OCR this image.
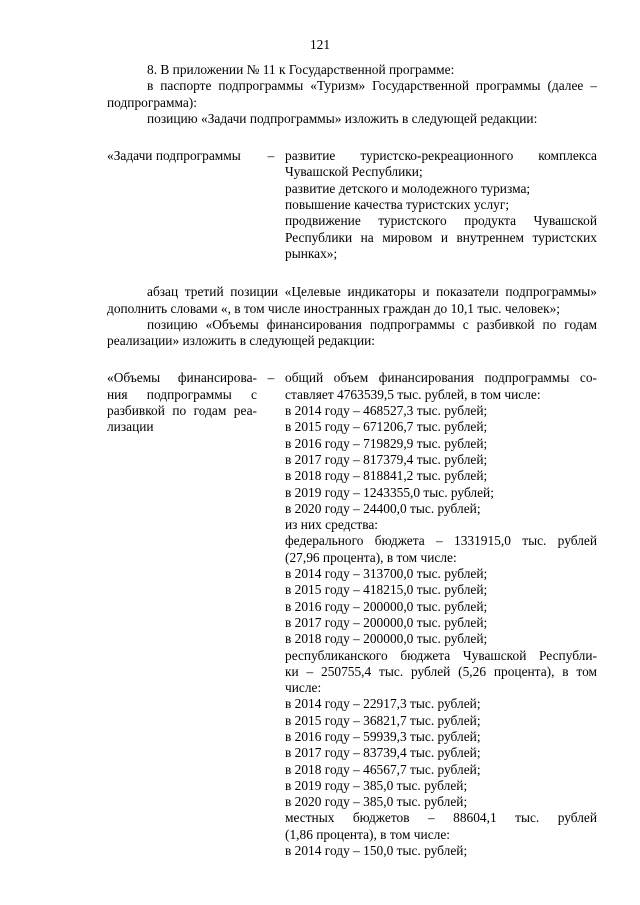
121

8. В приложении № 11 к Государственной программе:

в паспорте подпрограммы «Туризм» Государственной программы (далее –

подпрограмма):

позицию «Задачи подпрограммы» изложить в следующей редакции:

«Задачи подпрограммы	– развитие туристско-рекреационного комплекса
Чувашской Республики;
развитие детского и молодежного туризма;
повышение качества туристских услуг;
продвижение туристского продукта Чувашской
Республики на мировом и внутреннем туристских
рынках»;

абзац третий позиции «Целевые индикаторы и показатели подпрограммы»

дополнить словами «, в том числе иностранных граждан до 10,1 тыс. человек»;

позицию «Объемы финансирования подпрограммы с разбивкой по годам

реализации» изложить в следующей редакции:

«Объемы финансирова-
ния подпрограммы с
разбивкой по годам реа-
лизации
– общий объем финансирования подпрограммы со-
ставляет 4763539,5 тыс. рублей, в том числе:
в 2014 году – 468527,3 тыс. рублей;
в 2015 году – 671206,7 тыс. рублей;
в 2016 году – 719829,9 тыс. рублей;
в 2017 году – 817379,4 тыс. рублей;
в 2018 году – 818841,2 тыс. рублей;
в 2019 году – 1243355,0 тыс. рублей;
в 2020 году – 24400,0 тыс. рублей;
из них средства:
федерального бюджета – 1331915,0 тыс. рублей
(27,96 процента), в том числе:
в 2014 году – 313700,0 тыс. рублей;
в 2015 году – 418215,0 тыс. рублей;
в 2016 году – 200000,0 тыс. рублей;
в 2017 году – 200000,0 тыс. рублей;
в 2018 году – 200000,0 тыс. рублей;
республиканского бюджета Чувашской Республи-
ки – 250755,4 тыс. рублей (5,26 процента), в том
числе:
в 2014 году – 22917,3 тыс. рублей;
в 2015 году – 36821,7 тыс. рублей;
в 2016 году – 59939,3 тыс. рублей;
в 2017 году – 83739,4 тыс. рублей;
в 2018 году – 46567,7 тыс. рублей;
в 2019 году – 385,0 тыс. рублей;
в 2020 году – 385,0 тыс. рублей;
местных бюджетов – 88604,1 тыс. рублей
(1,86 процента), в том числе:
в 2014 году – 150,0 тыс. рублей;
